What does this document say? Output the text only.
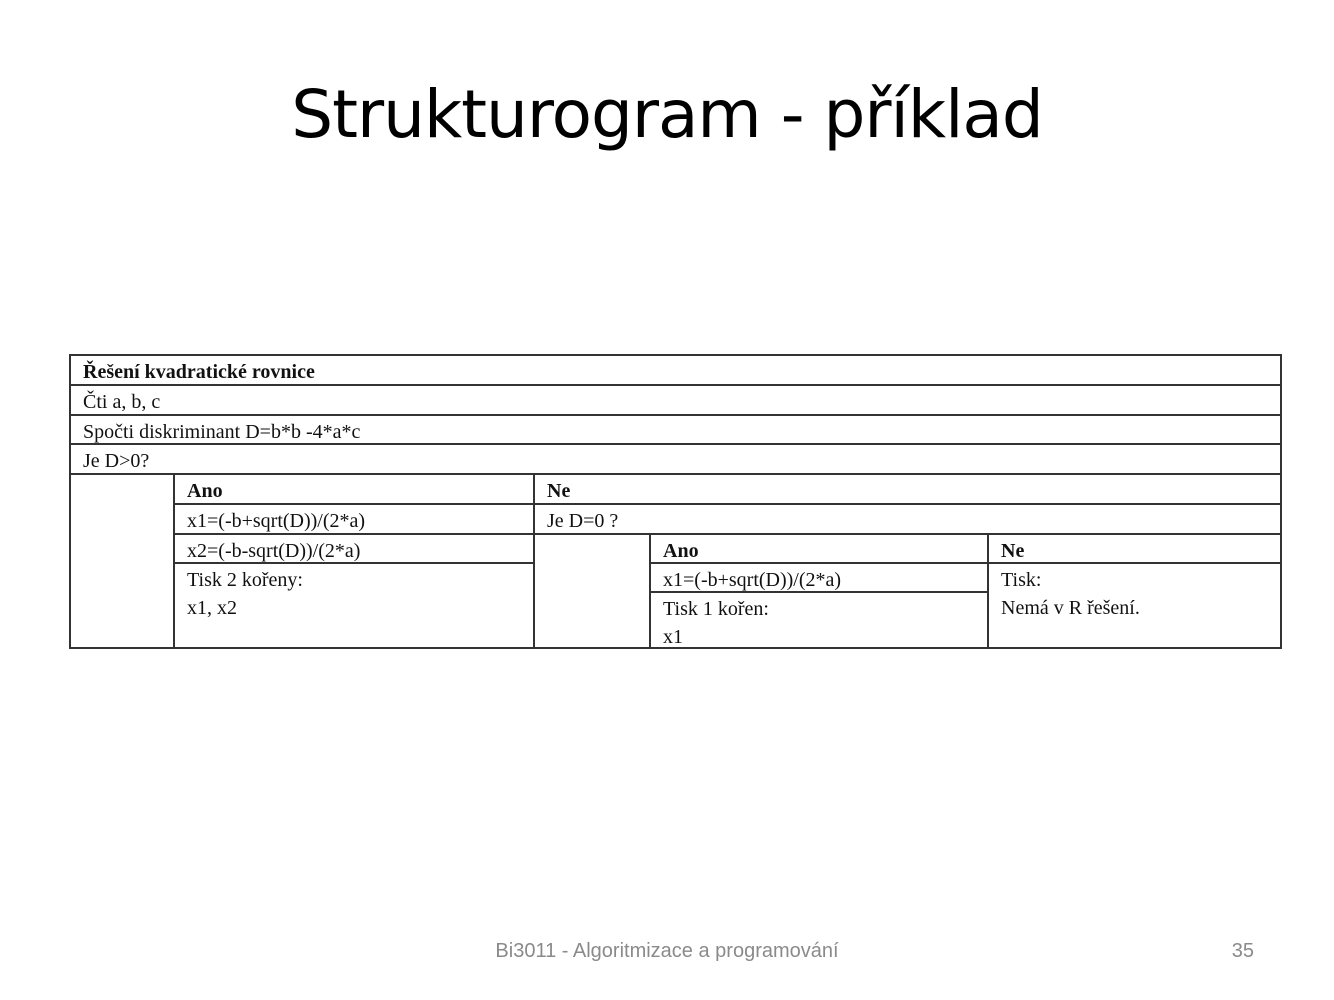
Strukturogram - příklad
Řešení kvadratické rovnice
Čti a, b, c
Spočti diskriminant D=b*b -4*a*c
Je D>0?
Ano
x1=(-b+sqrt(D))/(2*a)
x2=(-b-sqrt(D))/(2*a)
Tisk 2 kořeny:
x1, x2
Ne
Je D=0 ?
Ano
x1=(-b+sqrt(D))/(2*a)
Tisk 1 kořen:
x1
Ne
Tisk:
Nemá v R řešení.
Bi3011 - Algoritmizace a programování	35
